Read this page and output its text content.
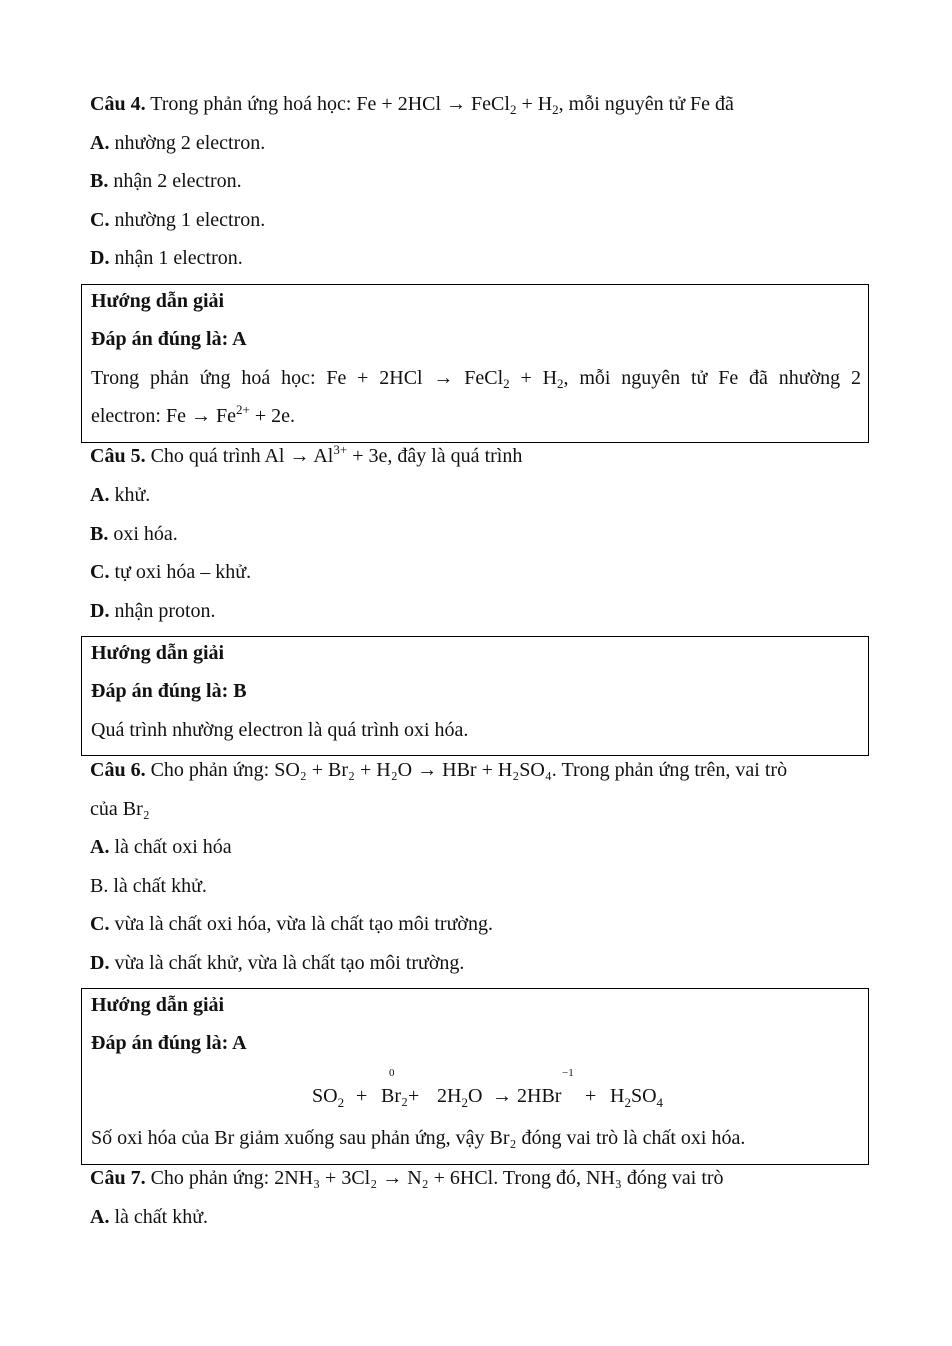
Câu 4. Trong phản ứng hoá học: Fe + 2HCl → FeCl$_2$ + $H_2$, mỗi nguyên tử Fe đã
A. nhường 2 electron.
B. nhận 2 electron.
C. nhường 1 electron.
D. nhận 1 electron.
Hướng dẫn giải
Đáp án đúng là: A
Trong phản ứng hoá học: Fe + 2HCl → FeCl$_2$ + $H_2$, mỗi nguyên tử Fe đã nhường 2
electron: $Fe \to Fe^{2+} + 2e$.
Câu 5. Cho quá trình $Al \to Al^{3+} + 3e$, đây là quá trình
A. khử.
B. oxi hóa.
C. tự oxi hóa – khử.
D. nhận proton.
Hướng dẫn giải
Đáp án đúng là: B
Quá trình nhường electron là quá trình oxi hóa.
Câu 6. Cho phản ứng: SO₂ + Br₂ + H₂O → HBr + H₂SO₄. Trong phản ứng trên, vai trò
của Br₂
A. là chất oxi hóa
B. là chất khử.
C. vừa là chất oxi hóa, vừa là chất tạo môi trường.
D. vừa là chất khử, vừa là chất tạo môi trường.
Hướng dẫn giải
Đáp án đúng là: A
$SO_2$ +
0
$Br_2+ 2H_2O$ →
−1
$2HBr + H_2SO_4$
Số oxi hóa của Br giảm xuống sau phản ứng, vậy Br₂ đóng vai trò là chất oxi hóa.
Câu 7. Cho phản ứng: 2NH₃ + 3Cl₂ → N₂ + 6HCl. Trong đó, NH₃ đóng vai trò
A. là chất khử.
